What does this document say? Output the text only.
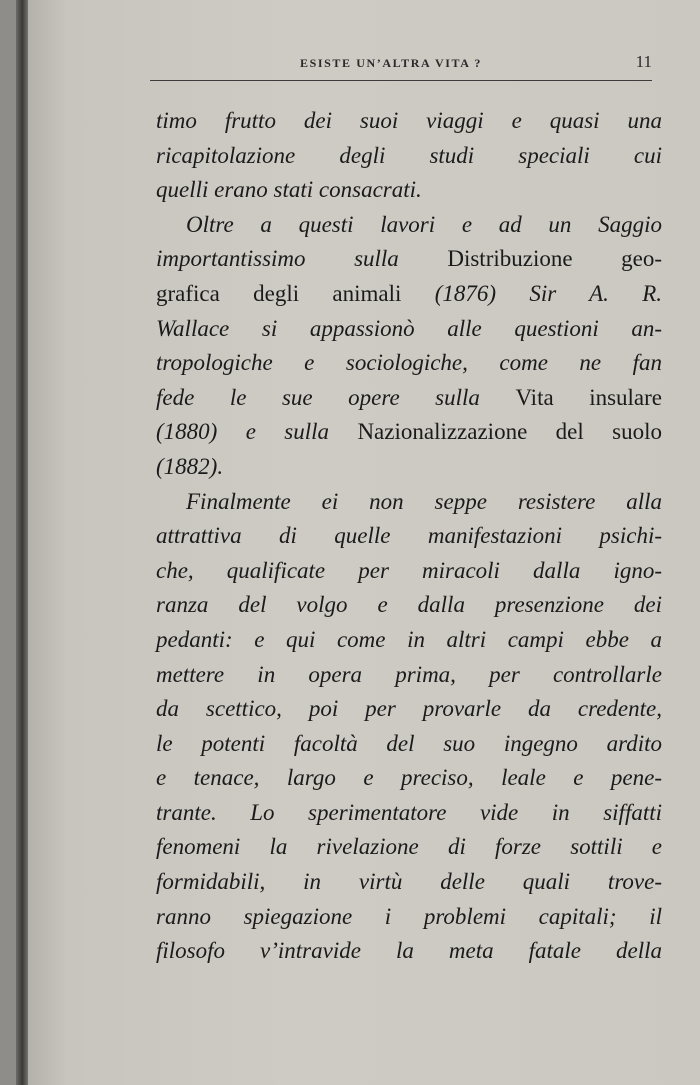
ESISTE UN’ALTRA VITA ?	11
timo frutto dei suoi viaggi e quasi una
ricapitolazione degli studi speciali cui
quelli erano stati consacrati.
Oltre a questi lavori e ad un Saggio
importantissimo sulla Distribuzione geo-
grafica degli animali (1876) Sir A. R.
Wallace si appassionò alle questioni an-
tropologiche e sociologiche, come ne fan
fede le sue opere sulla Vita insulare
(1880) e sulla Nazionalizzazione del suolo
(1882).
Finalmente ei non seppe resistere alla
attrattiva di quelle manifestazioni psichi-
che, qualificate per miracoli dalla igno-
ranza del volgo e dalla presenzione dei
pedanti: e qui come in altri campi ebbe a
mettere in opera prima, per controllarle
da scettico, poi per provarle da credente,
le potenti facoltà del suo ingegno ardito
e tenace, largo e preciso, leale e pene-
trante. Lo sperimentatore vide in siffatti
fenomeni la rivelazione di forze sottili e
formidabili, in virtù delle quali trove-
ranno spiegazione i problemi capitali; il
filosofo v’intravide la meta fatale della
